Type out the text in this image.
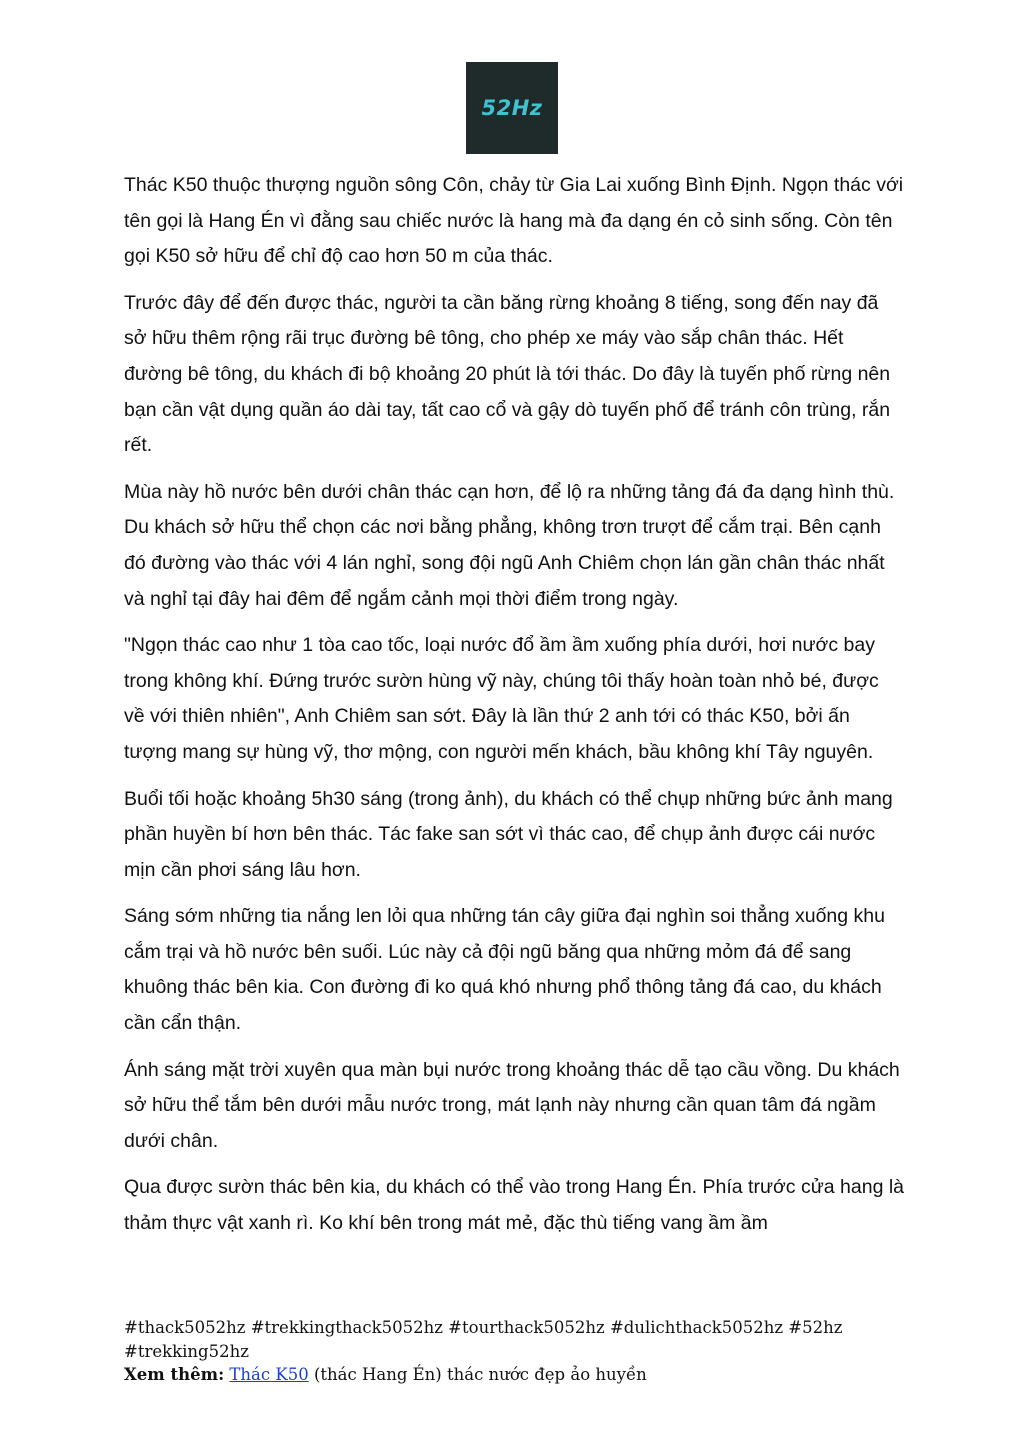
52Hz

Thác K50 thuộc thượng nguồn sông Côn, chảy từ Gia Lai xuống Bình Định. Ngọn thác với tên gọi là Hang Én vì đằng sau chiếc nước là hang mà đa dạng én cỏ sinh sống. Còn tên gọi K50 sở hữu để chỉ độ cao hơn 50 m của thác.

Trước đây để đến được thác, người ta cần băng rừng khoảng 8 tiếng, song đến nay đã sở hữu thêm rộng rãi trục đường bê tông, cho phép xe máy vào sắp chân thác. Hết đường bê tông, du khách đi bộ khoảng 20 phút là tới thác. Do đây là tuyến phố rừng nên bạn cần vật dụng quần áo dài tay, tất cao cổ và gậy dò tuyến phố để tránh côn trùng, rắn rết.

Mùa này hồ nước bên dưới chân thác cạn hơn, để lộ ra những tảng đá đa dạng hình thù. Du khách sở hữu thể chọn các nơi bằng phẳng, không trơn trượt để cắm trại. Bên cạnh đó đường vào thác với 4 lán nghỉ, song đội ngũ Anh Chiêm chọn lán gần chân thác nhất và nghỉ tại đây hai đêm để ngắm cảnh mọi thời điểm trong ngày.

"Ngọn thác cao như 1 tòa cao tốc, loại nước đổ ầm ầm xuống phía dưới, hơi nước bay trong không khí. Đứng trước sườn hùng vỹ này, chúng tôi thấy hoàn toàn nhỏ bé, được về với thiên nhiên", Anh Chiêm san sớt. Đây là lần thứ 2 anh tới có thác K50, bởi ấn tượng mang sự hùng vỹ, thơ mộng, con người mến khách, bầu không khí Tây nguyên.

Buổi tối hoặc khoảng 5h30 sáng (trong ảnh), du khách có thể chụp những bức ảnh mang phần huyền bí hơn bên thác. Tác fake san sớt vì thác cao, để chụp ảnh được cái nước mịn cần phơi sáng lâu hơn.

Sáng sớm những tia nắng len lỏi qua những tán cây giữa đại nghìn soi thẳng xuống khu cắm trại và hồ nước bên suối. Lúc này cả đội ngũ băng qua những mỏm đá để sang khuông thác bên kia. Con đường đi ko quá khó nhưng phổ thông tảng đá cao, du khách cần cẩn thận.

Ánh sáng mặt trời xuyên qua màn bụi nước trong khoảng thác dễ tạo cầu vồng. Du khách sở hữu thể tắm bên dưới mẫu nước trong, mát lạnh này nhưng cần quan tâm đá ngầm dưới chân.

Qua được sườn thác bên kia, du khách có thể vào trong Hang Én. Phía trước cửa hang là thảm thực vật xanh rì. Ko khí bên trong mát mẻ, đặc thù tiếng vang ầm ầm

#thack5052hz #trekkingthack5052hz #tourthack5052hz #dulichthack5052hz #52hz #trekking52hz

Xem thêm: Thác K50 (thác Hang Én) thác nước đẹp ảo huyền
